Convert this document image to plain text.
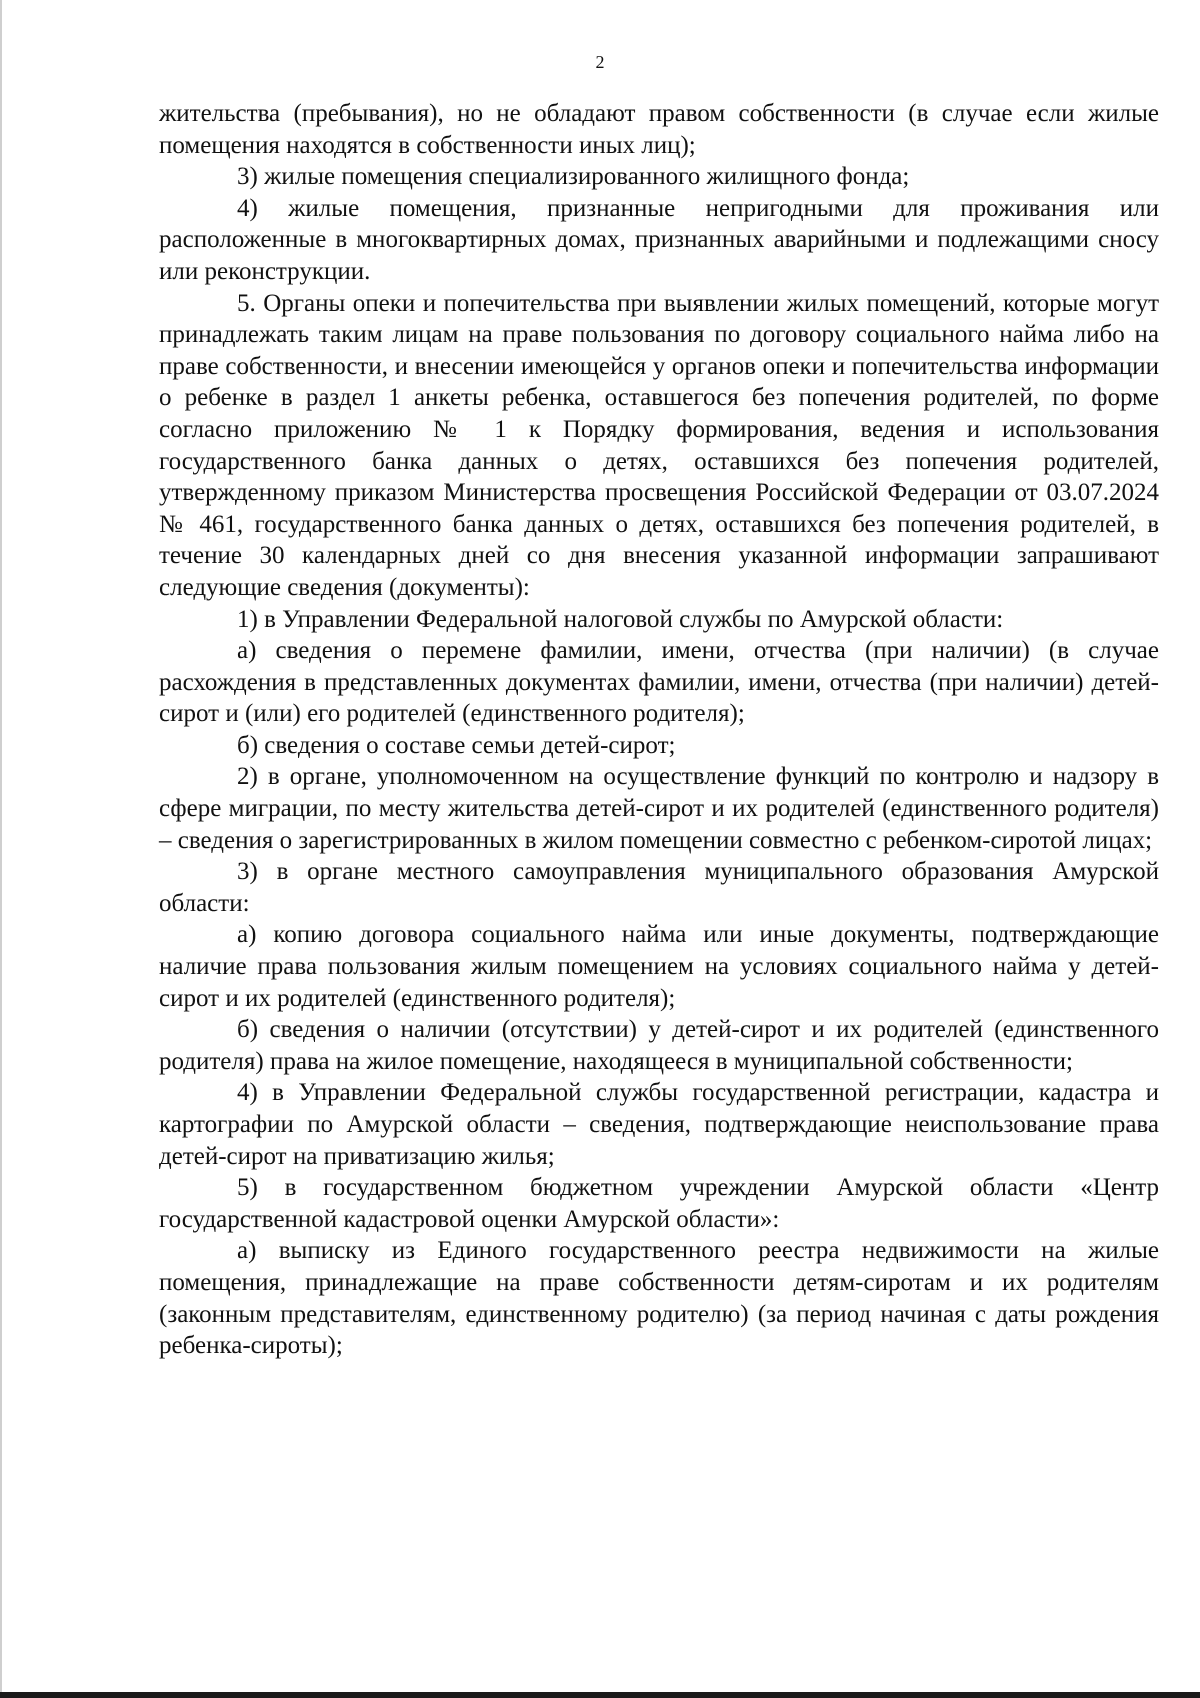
2

жительства (пребывания), но не обладают правом собственности (в случае если жилые помещения находятся в собственности иных лиц);

3) жилые помещения специализированного жилищного фонда;

4) жилые помещения, признанные непригодными для проживания или расположенные в многоквартирных домах, признанных аварийными и подлежащими сносу или реконструкции.

5. Органы опеки и попечительства при выявлении жилых помещений, которые могут принадлежать таким лицам на праве пользования по договору социального найма либо на праве собственности, и внесении имеющейся у органов опеки и попечительства информации о ребенке в раздел 1 анкеты ребенка, оставшегося без попечения родителей, по форме согласно приложению № 1 к Порядку формирования, ведения и использования государственного банка данных о детях, оставшихся без попечения родителей, утвержденному приказом Министерства просвещения Российской Федерации от 03.07.2024 № 461, государственного банка данных о детях, оставшихся без попечения родителей, в течение 30 календарных дней со дня внесения указанной информации запрашивают следующие сведения (документы):

1) в Управлении Федеральной налоговой службы по Амурской области:

а) сведения о перемене фамилии, имени, отчества (при наличии) (в случае расхождения в представленных документах фамилии, имени, отчества (при наличии) детей-сирот и (или) его родителей (единственного родителя);

б) сведения о составе семьи детей-сирот;

2) в органе, уполномоченном на осуществление функций по контролю и надзору в сфере миграции, по месту жительства детей-сирот и их родителей (единственного родителя) – сведения о зарегистрированных в жилом помещении совместно с ребенком-сиротой лицах;

3) в органе местного самоуправления муниципального образования Амурской области:

а) копию договора социального найма или иные документы, подтверждающие наличие права пользования жилым помещением на условиях социального найма у детей-сирот и их родителей (единственного родителя);

б) сведения о наличии (отсутствии) у детей-сирот и их родителей (единственного родителя) права на жилое помещение, находящееся в муниципальной собственности;

4) в Управлении Федеральной службы государственной регистрации, кадастра и картографии по Амурской области – сведения, подтверждающие неиспользование права детей-сирот на приватизацию жилья;

5) в государственном бюджетном учреждении Амурской области «Центр государственной кадастровой оценки Амурской области»:

а) выписку из Единого государственного реестра недвижимости на жилые помещения, принадлежащие на праве собственности детям-сиротам и их родителям (законным представителям, единственному родителю) (за период начиная с даты рождения ребенка-сироты);
